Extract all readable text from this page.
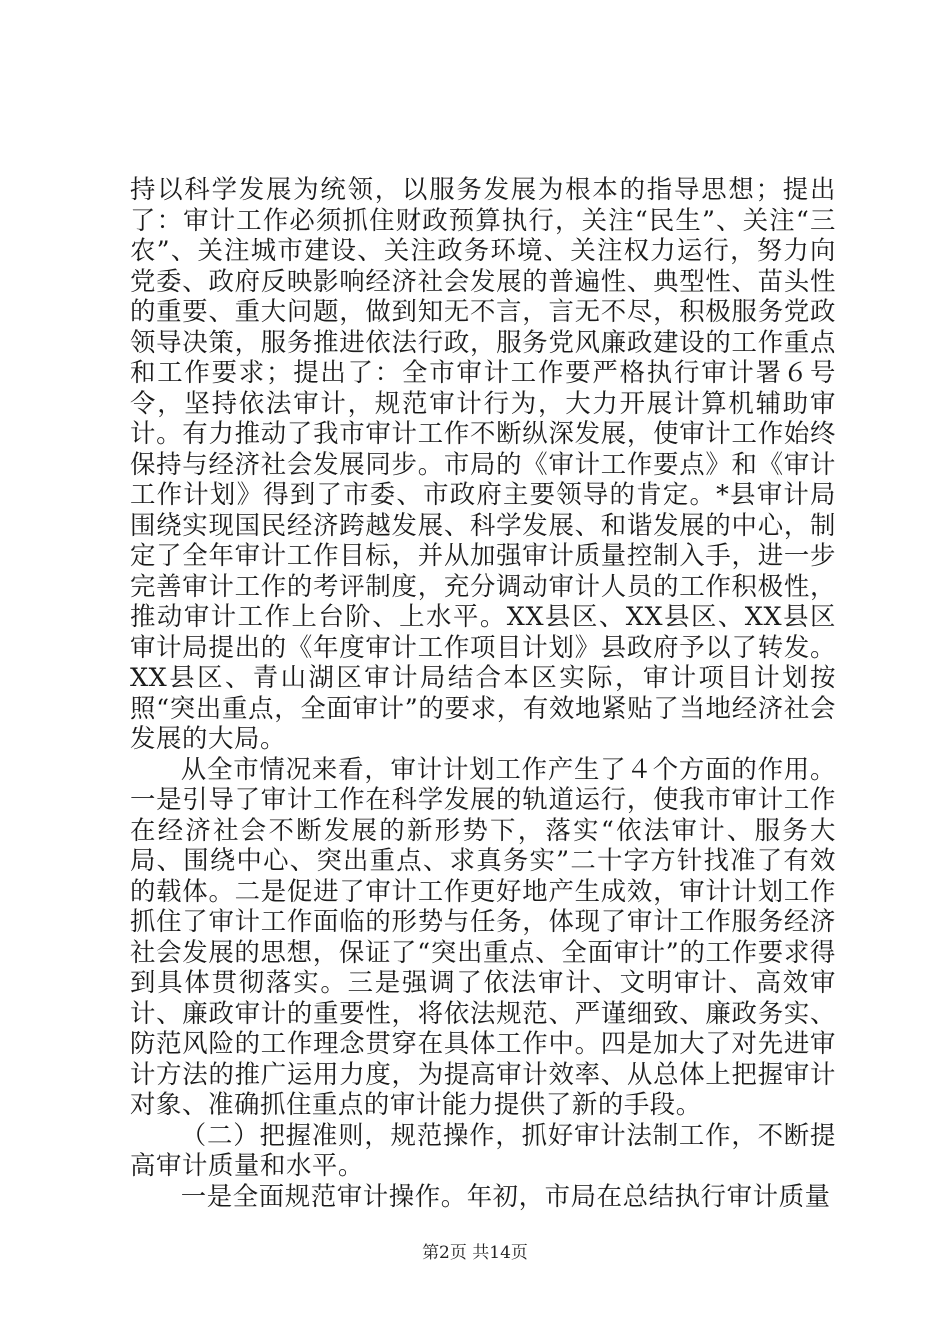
持以科学发展为统领，以服务发展为根本的指导思想；提出了：审计工作必须抓住财政预算执行，关注“民生”、关注“三农”、关注城市建设、关注政务环境、关注权力运行，努力向党委、政府反映影响经济社会发展的普遍性、典型性、苗头性的重要、重大问题，做到知无不言，言无不尽，积极服务党政领导决策，服务推进依法行政，服务党风廉政建设的工作重点和工作要求；提出了：全市审计工作要严格执行审计署６号令，坚持依法审计，规范审计行为，大力开展计算机辅助审计。有力推动了我市审计工作不断纵深发展，使审计工作始终保持与经济社会发展同步。市局的《审计工作要点》和《审计工作计划》得到了市委、市政府主要领导的肯定。*县审计局围绕实现国民经济跨越发展、科学发展、和谐发展的中心，制定了全年审计工作目标，并从加强审计质量控制入手，进一步完善审计工作的考评制度，充分调动审计人员的工作积极性，推动审计工作上台阶、上水平。XX县区、XX县区、XX县区审计局提出的《年度审计工作项目计划》县政府予以了转发。XX县区、青山湖区审计局结合本区实际，审计项目计划按照“突出重点，全面审计”的要求，有效地紧贴了当地经济社会发展的大局。

从全市情况来看，审计计划工作产生了４个方面的作用。一是引导了审计工作在科学发展的轨道运行，使我市审计工作在经济社会不断发展的新形势下，落实“依法审计、服务大局、围绕中心、突出重点、求真务实”二十字方针找准了有效的载体。二是促进了审计工作更好地产生成效，审计计划工作抓住了审计工作面临的形势与任务，体现了审计工作服务经济社会发展的思想，保证了“突出重点、全面审计”的工作要求得到具体贯彻落实。三是强调了依法审计、文明审计、高效审计、廉政审计的重要性，将依法规范、严谨细致、廉政务实、防范风险的工作理念贯穿在具体工作中。四是加大了对先进审计方法的推广运用力度，为提高审计效率、从总体上把握审计对象、准确抓住重点的审计能力提供了新的手段。

（二）把握准则，规范操作，抓好审计法制工作，不断提高审计质量和水平。

一是全面规范审计操作。年初，市局在总结执行审计质量

第2页 共14页
